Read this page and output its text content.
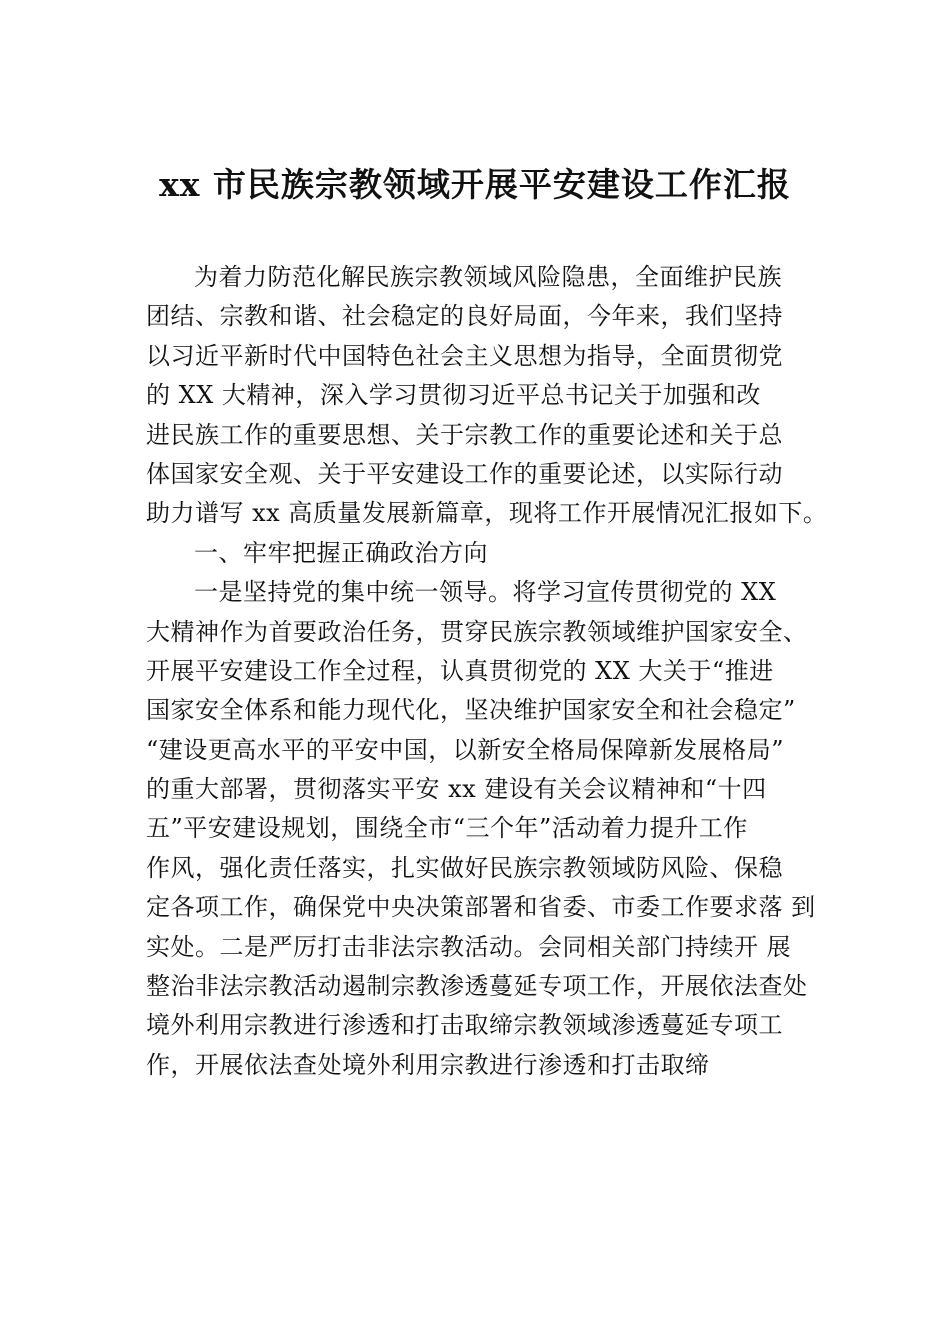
xx 市民族宗教领域开展平安建设工作汇报
为着力防范化解民族宗教领域风险隐患，全面维护民族
团结、宗教和谐、社会稳定的良好局面，今年来，我们坚持
以习近平新时代中国特色社会主义思想为指导，全面贯彻党
的 XX 大精神，深入学习贯彻习近平总书记关于加强和改
进民族工作的重要思想、关于宗教工作的重要论述和关于总
体国家安全观、关于平安建设工作的重要论述，以实际行动
助力谱写 xx 高质量发展新篇章，现将工作开展情况汇报如下。
一、牢牢把握正确政治方向
一是坚持党的集中统一领导。将学习宣传贯彻党的 XX
大精神作为首要政治任务，贯穿民族宗教领域维护国家安全、
开展平安建设工作全过程，认真贯彻党的 XX 大关于“推进
国家安全体系和能力现代化，坚决维护国家安全和社会稳定”
“建设更高水平的平安中国，以新安全格局保障新发展格局”
的重大部署，贯彻落实平安 xx 建设有关会议精神和“十四
五”平安建设规划，围绕全市“三个年”活动着力提升工作
作风，强化责任落实，扎实做好民族宗教领域防风险、保稳
定各项工作，确保党中央决策部署和省委、市委工作要求落 到
实处。二是严厉打击非法宗教活动。会同相关部门持续开 展
整治非法宗教活动遏制宗教渗透蔓延专项工作，开展依法查处
境外利用宗教进行渗透和打击取缔宗教领域渗透蔓延专项工
作，开展依法查处境外利用宗教进行渗透和打击取缔
